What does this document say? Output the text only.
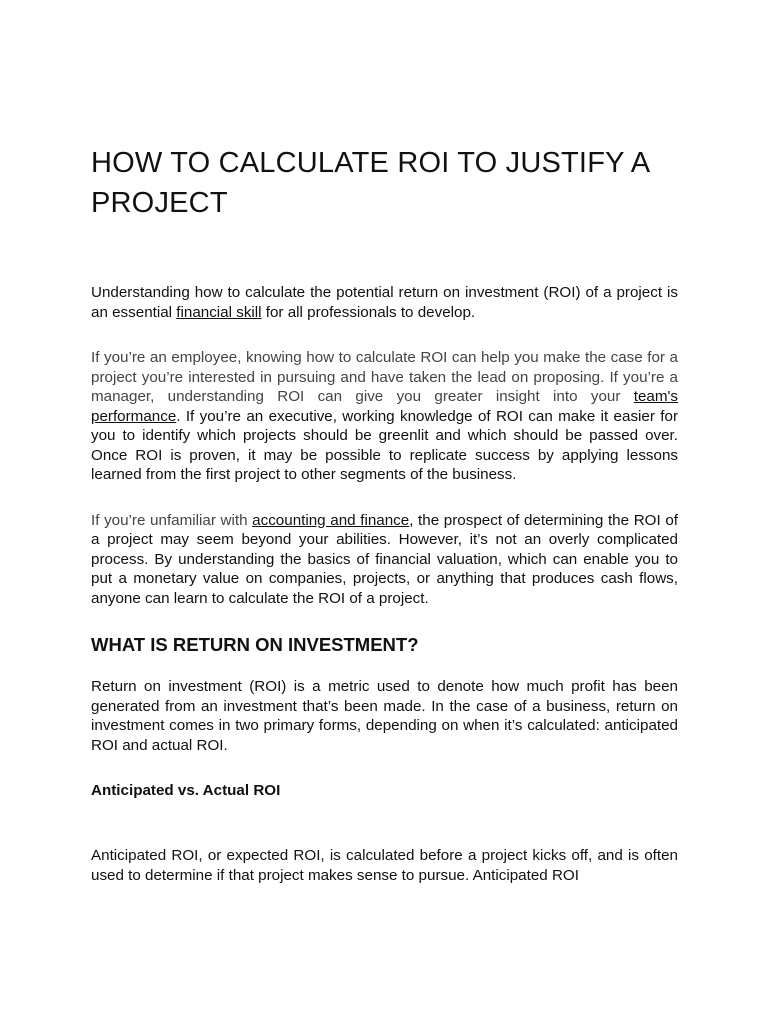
HOW TO CALCULATE ROI TO JUSTIFY A PROJECT

Understanding how to calculate the potential return on investment (ROI) of a project is an essential financial skill for all professionals to develop.

If you’re an employee, knowing how to calculate ROI can help you make the case for a project you’re interested in pursuing and have taken the lead on proposing. If you’re a manager, understanding ROI can give you greater insight into your team's performance. If you’re an executive, working knowledge of ROI can make it easier for you to identify which projects should be greenlit and which should be passed over. Once ROI is proven, it may be possible to replicate success by applying lessons learned from the first project to other segments of the business.

If you’re unfamiliar with accounting and finance, the prospect of determining the ROI of a project may seem beyond your abilities. However, it’s not an overly complicated process. By understanding the basics of financial valuation, which can enable you to put a monetary value on companies, projects, or anything that produces cash flows, anyone can learn to calculate the ROI of a project.

WHAT IS RETURN ON INVESTMENT?

Return on investment (ROI) is a metric used to denote how much profit has been generated from an investment that’s been made. In the case of a business, return on investment comes in two primary forms, depending on when it’s calculated: anticipated ROI and actual ROI.

Anticipated vs. Actual ROI

Anticipated ROI, or expected ROI, is calculated before a project kicks off, and is often used to determine if that project makes sense to pursue. Anticipated ROI
